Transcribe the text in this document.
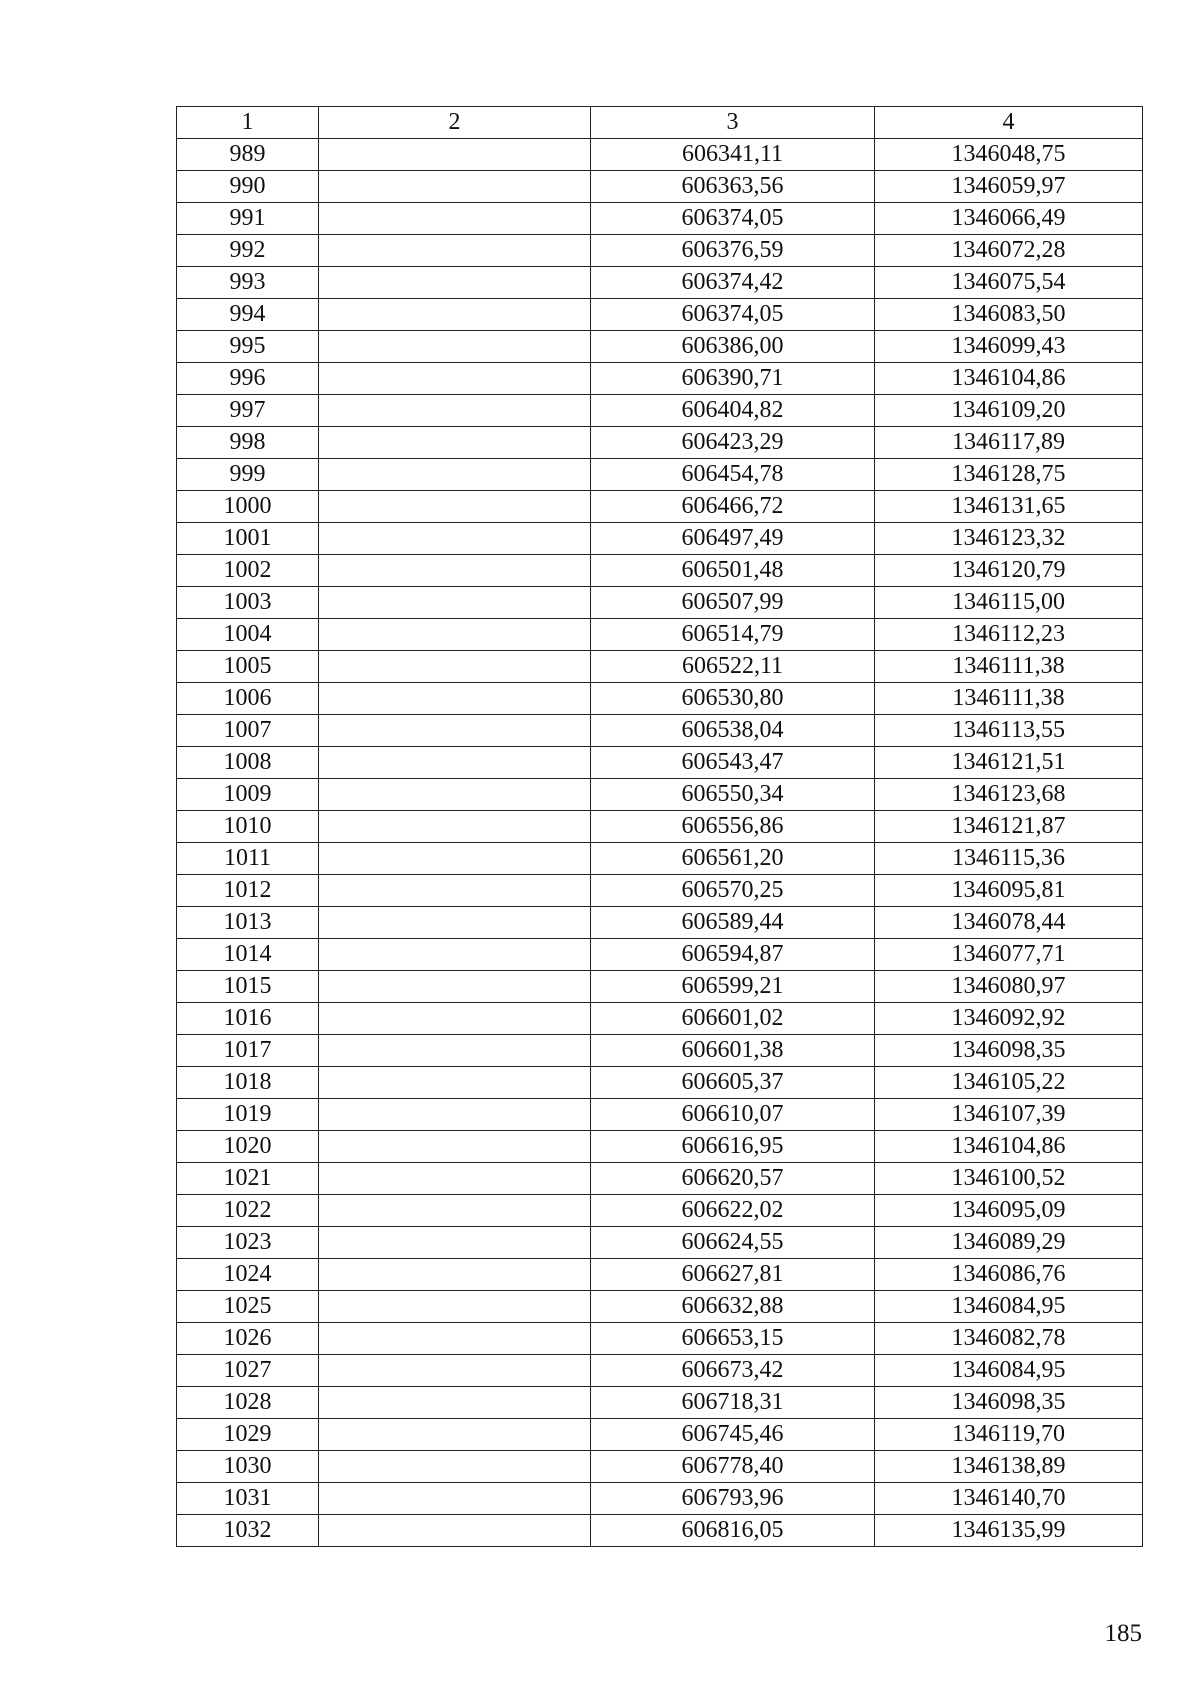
1	2	3	4
989		606341,11	1346048,75
990		606363,56	1346059,97
991		606374,05	1346066,49
992		606376,59	1346072,28
993		606374,42	1346075,54
994		606374,05	1346083,50
995		606386,00	1346099,43
996		606390,71	1346104,86
997		606404,82	1346109,20
998		606423,29	1346117,89
999		606454,78	1346128,75
1000		606466,72	1346131,65
1001		606497,49	1346123,32
1002		606501,48	1346120,79
1003		606507,99	1346115,00
1004		606514,79	1346112,23
1005		606522,11	1346111,38
1006		606530,80	1346111,38
1007		606538,04	1346113,55
1008		606543,47	1346121,51
1009		606550,34	1346123,68
1010		606556,86	1346121,87
1011		606561,20	1346115,36
1012		606570,25	1346095,81
1013		606589,44	1346078,44
1014		606594,87	1346077,71
1015		606599,21	1346080,97
1016		606601,02	1346092,92
1017		606601,38	1346098,35
1018		606605,37	1346105,22
1019		606610,07	1346107,39
1020		606616,95	1346104,86
1021		606620,57	1346100,52
1022		606622,02	1346095,09
1023		606624,55	1346089,29
1024		606627,81	1346086,76
1025		606632,88	1346084,95
1026		606653,15	1346082,78
1027		606673,42	1346084,95
1028		606718,31	1346098,35
1029		606745,46	1346119,70
1030		606778,40	1346138,89
1031		606793,96	1346140,70
1032		606816,05	1346135,99
185
